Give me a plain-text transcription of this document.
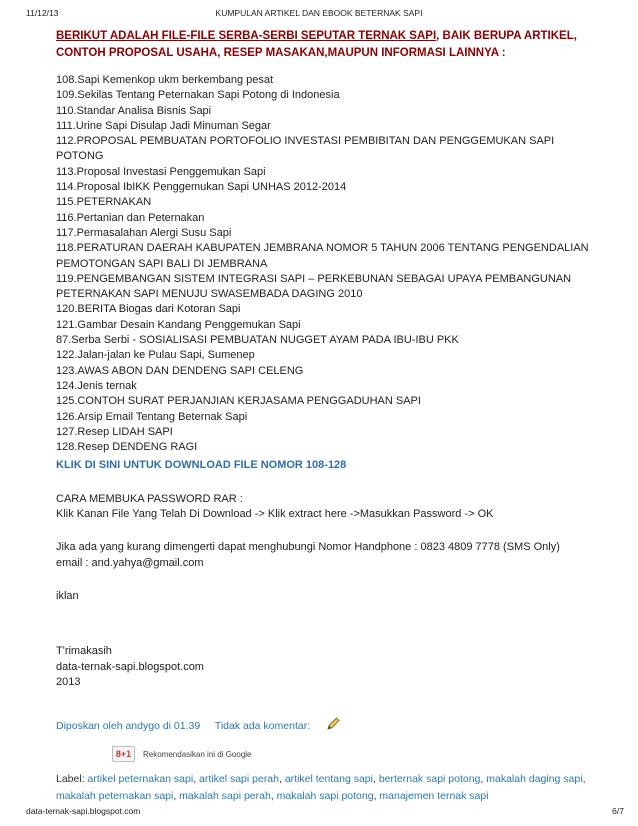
11/12/13	KUMPULAN ARTIKEL DAN EBOOK BETERNAK SAPI
BERIKUT ADALAH FILE-FILE SERBA-SERBI SEPUTAR TERNAK SAPI, BAIK BERUPA ARTIKEL, CONTOH PROPOSAL USAHA, RESEP MASAKAN,MAUPUN INFORMASI LAINNYA :
108.Sapi Kemenkop ukm berkembang pesat
109.Sekilas Tentang Peternakan Sapi Potong di Indonesia
110.Standar Analisa Bisnis Sapi
111.Urine Sapi Disulap Jadi Minuman Segar
112.PROPOSAL PEMBUATAN PORTOFOLIO INVESTASI PEMBIBITAN DAN PENGGEMUKAN SAPI POTONG
113.Proposal Investasi Penggemukan Sapi
114.Proposal IbIKK Penggemukan Sapi UNHAS 2012-2014
115.PETERNAKAN
116.Pertanian dan Peternakan
117.Permasalahan Alergi Susu Sapi
118.PERATURAN DAERAH KABUPATEN JEMBRANA NOMOR 5 TAHUN 2006 TENTANG PENGENDALIAN PEMOTONGAN SAPI BALI DI JEMBRANA
119.PENGEMBANGAN SISTEM INTEGRASI SAPI – PERKEBUNAN SEBAGAI UPAYA PEMBANGUNAN PETERNAKAN SAPI MENUJU SWASEMBADA DAGING 2010
120.BERITA Biogas dari Kotoran Sapi
121.Gambar Desain Kandang Penggemukan Sapi
87.Serba Serbi - SOSIALISASI PEMBUATAN NUGGET AYAM PADA IBU-IBU PKK
122.Jalan-jalan ke Pulau Sapi, Sumenep
123.AWAS ABON DAN DENDENG SAPI CELENG
124.Jenis ternak
125.CONTOH SURAT PERJANJIAN KERJASAMA PENGGADUHAN SAPI
126.Arsip Email Tentang Beternak Sapi
127.Resep LIDAH SAPI
128.Resep DENDENG RAGI
KLIK DI SINI UNTUK DOWNLOAD FILE NOMOR 108-128
CARA MEMBUKA PASSWORD RAR :
Klik Kanan File Yang Telah Di Download -> Klik extract here ->Masukkan Password -> OK
Jika ada yang kurang dimengerti dapat menghubungi Nomor Handphone : 0823 4809 7778 (SMS Only)
email : and.yahya@gmail.com
iklan
T'rimakasih
data-ternak-sapi.blogspot.com
2013
Diposkan oleh andygo di 01.39 Tidak ada komentar:
8+1	Rekomendasikan ini di Google
Label: artikel peternakan sapi, artikel sapi perah, artikel tentang sapi, berternak sapi potong, makalah daging sapi, makalah peternakan sapi, makalah sapi perah, makalah sapi potong, manajemen ternak sapi
data-ternak-sapi.blogspot.com	6/7
